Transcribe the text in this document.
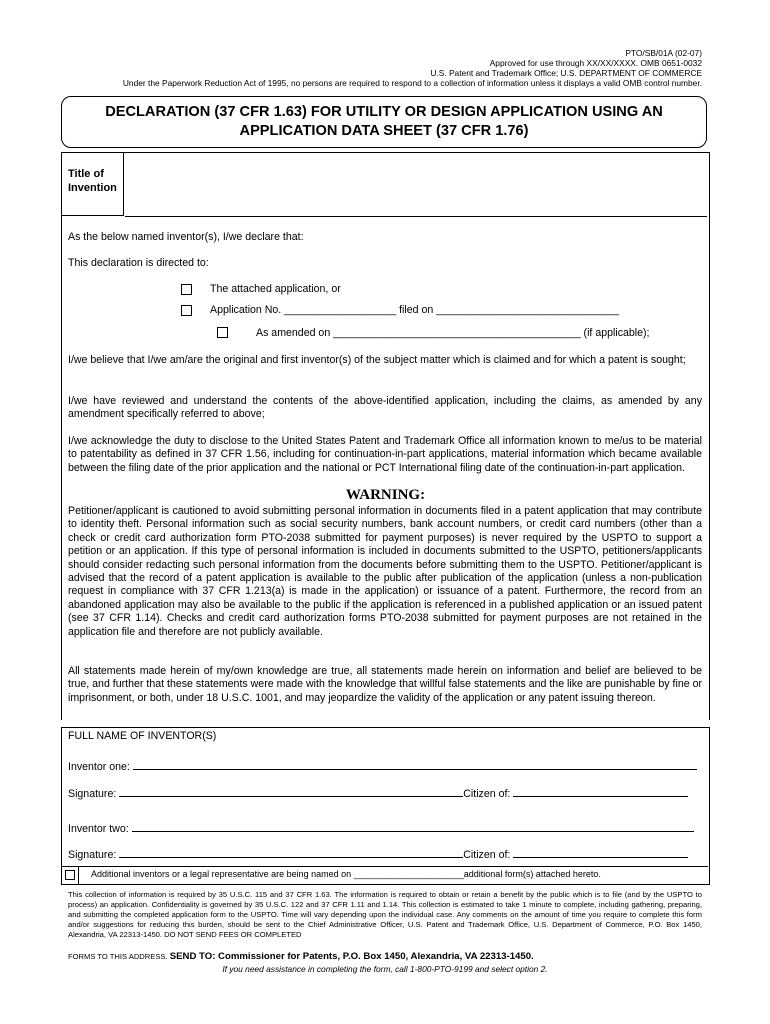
PTO/SB/01A (02-07)
Approved for use through XX/XX/XXXX. OMB 0651-0032
U.S. Patent and Trademark Office; U.S. DEPARTMENT OF COMMERCE
Under the Paperwork Reduction Act of 1995, no persons are required to respond to a collection of information unless it displays a valid OMB control number.
DECLARATION (37 CFR 1.63) FOR UTILITY OR DESIGN APPLICATION USING AN
APPLICATION DATA SHEET (37 CFR 1.76)
Title of
Invention
As the below named inventor(s), I/we declare that:
This declaration is directed to:
The attached application, or
Application No. ___________________ filed on _______________________________
As amended on __________________________________________ (if applicable);
I/we believe that I/we am/are the original and first inventor(s) of the subject matter which is claimed and for which a patent is sought;
I/we have reviewed and understand the contents of the above-identified application, including the claims, as amended by any amendment specifically referred to above;
I/we acknowledge the duty to disclose to the United States Patent and Trademark Office all information known to me/us to be material to patentability as defined in 37 CFR 1.56, including for continuation-in-part applications, material information which became available between the filing date of the prior application and the national or PCT International filing date of the continuation-in-part application.
WARNING:
Petitioner/applicant is cautioned to avoid submitting personal information in documents filed in a patent application that may contribute to identity theft. Personal information such as social security numbers, bank account numbers, or credit card numbers (other than a check or credit card authorization form PTO-2038 submitted for payment purposes) is never required by the USPTO to support a petition or an application. If this type of personal information is included in documents submitted to the USPTO, petitioners/applicants should consider redacting such personal information from the documents before submitting them to the USPTO. Petitioner/applicant is advised that the record of a patent application is available to the public after publication of the application (unless a non-publication request in compliance with 37 CFR 1.213(a) is made in the application) or issuance of a patent. Furthermore, the record from an abandoned application may also be available to the public if the application is referenced in a published application or an issued patent (see 37 CFR 1.14). Checks and credit card authorization forms PTO-2038 submitted for payment purposes are not retained in the application file and therefore are not publicly available.
All statements made herein of my/own knowledge are true, all statements made herein on information and belief are believed to be true, and further that these statements were made with the knowledge that willful false statements and the like are punishable by fine or imprisonment, or both, under 18 U.S.C. 1001, and may jeopardize the validity of the application or any patent issuing thereon.
FULL NAME OF INVENTOR(S)
Inventor one:
Signature:	Citizen of:
Inventor two:
Signature:	Citizen of:
Additional inventors or a legal representative are being named on ______________________additional form(s) attached hereto.
This collection of information is required by 35 U.S.C. 115 and 37 CFR 1.63. The information is required to obtain or retain a benefit by the public which is to file (and by the USPTO to process) an application. Confidentiality is governed by 35 U.S.C. 122 and 37 CFR 1.11 and 1.14. This collection is estimated to take 1 minute to complete, including gathering, preparing, and submitting the completed application form to the USPTO. Time will vary depending upon the individual case. Any comments on the amount of time you require to complete this form and/or suggestions for reducing this burden, should be sent to the Chief Administrative Officer, U.S. Patent and Trademark Office, U.S. Department of Commerce, P.O. Box 1450, Alexandria, VA 22313-1450. DO NOT SEND FEES OR COMPLETED
FORMS TO THIS ADDRESS. SEND TO: Commissioner for Patents, P.O. Box 1450, Alexandria, VA 22313-1450.
If you need assistance in completing the form, call 1-800-PTO-9199 and select option 2.
